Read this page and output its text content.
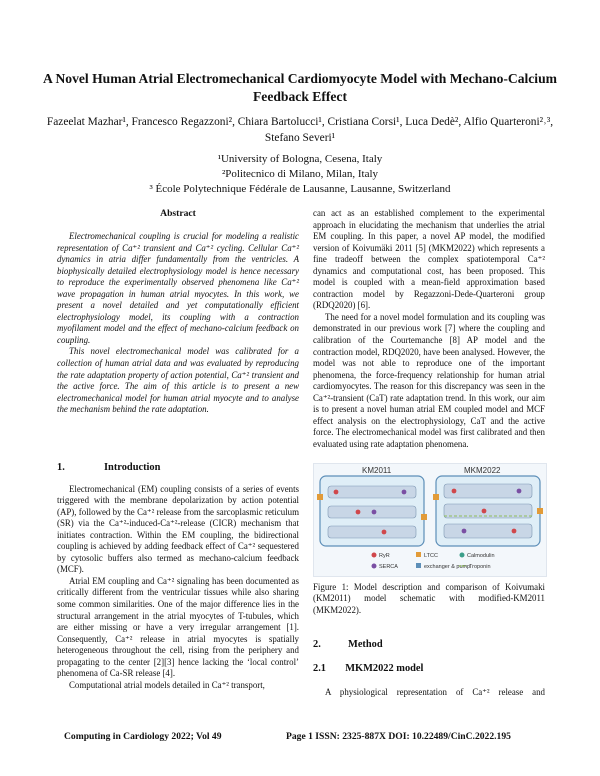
A Novel Human Atrial Electromechanical Cardiomyocyte Model with Mechano-Calcium Feedback Effect
Fazeelat Mazhar¹, Francesco Regazzoni², Chiara Bartolucci¹, Cristiana Corsi¹, Luca Dedè², Alfio Quarteroni²˒³, Stefano Severi¹
¹University of Bologna, Cesena, Italy
²Politecnico di Milano, Milan, Italy
³ École Polytechnique Fédérale de Lausanne, Lausanne, Switzerland
Abstract

Electromechanical coupling is crucial for modeling a realistic representation of Ca⁺² transient and Ca⁺² cycling. Cellular Ca⁺² dynamics in atria differ fundamentally from the ventricles. A biophysically detailed electrophysiology model is hence necessary to reproduce the experimentally observed phenomena like Ca⁺² wave propagation in human atrial myocytes. In this work, we present a novel detailed and yet computationally efficient electrophysiology model, its coupling with a contraction myofilament model and the effect of mechano-calcium feedback on coupling.

This novel electromechanical model was calibrated for a collection of human atrial data and was evaluated by reproducing the rate adaptation property of action potential, Ca⁺² transient and the active force. The aim of this article is to present a new electromechanical model for human atrial myocyte and to analyse the mechanism behind the rate adaptation.

1.	Introduction

Electromechanical (EM) coupling consists of a series of events triggered with the membrane depolarization by action potential (AP), followed by the Ca⁺² release from the sarcoplasmic reticulum (SR) via the Ca⁺²-induced-Ca⁺²-release (CICR) mechanism that initiates contraction. Within the EM coupling, the bidirectional coupling is achieved by adding feedback effect of Ca⁺² sequestered by cytosolic buffers also termed as mechano-calcium feedback (MCF).

Atrial EM coupling and Ca⁺² signaling has been documented as critically different from the ventricular tissues while also sharing some common similarities. One of the major difference lies in the structural arrangement in the atrial myocytes of T-tubules, which are either missing or have a very irregular arrangement [1]. Consequently, Ca⁺² release in atrial myocytes is spatially heterogeneous throughout the cell, rising from the periphery and propagating to the center [2][3] hence lacking the ‘local control’ phenomena of Ca-SR release [4].

Computational atrial models detailed in Ca⁺² transport,

can act as an established complement to the experimental approach in elucidating the mechanism that underlies the atrial EM coupling. In this paper, a novel AP model, the modified version of Koivumäki 2011 [5] (MKM2022) which represents a fine tradeoff between the complex spatiotemporal Ca⁺² dynamics and computational cost, has been proposed. This model is coupled with a mean-field approximation based contraction model by Regazzoni-Dede-Quarteroni group (RDQ2020) [6].

The need for a novel model formulation and its coupling was demonstrated in our previous work [7] where the coupling and calibration of the Courtemanche [8] AP model and the contraction model, RDQ2020, have been analysed. However, the model was not able to reproduce one of the important phenomena, the force-frequency relationship for human atrial cardiomyocytes. The reason for this discrepancy was seen in the Ca⁺²-transient (CaT) rate adaptation trend. In this work, our aim is to present a novel human atrial EM coupled model and MCF effect analysis on the electrophysiology, CaT and the active force. The electromechanical model was first calibrated and then evaluated using rate adaptation phenomena.

KM2011	MKM2022
RyR	LTCC	Calmodulin
SERCA	exchanger & pump
Troponin
Figure 1: Model description and comparison of Koivumaki (KM2011) model schematic with modified-KM2011 (MKM2022).
2.	Method
2.1 MKM2022 model

A physiological representation of Ca⁺² release and

Computing in Cardiology 2022; Vol 49	Page 1 ISSN: 2325-887X DOI: 10.22489/CinC.2022.195
